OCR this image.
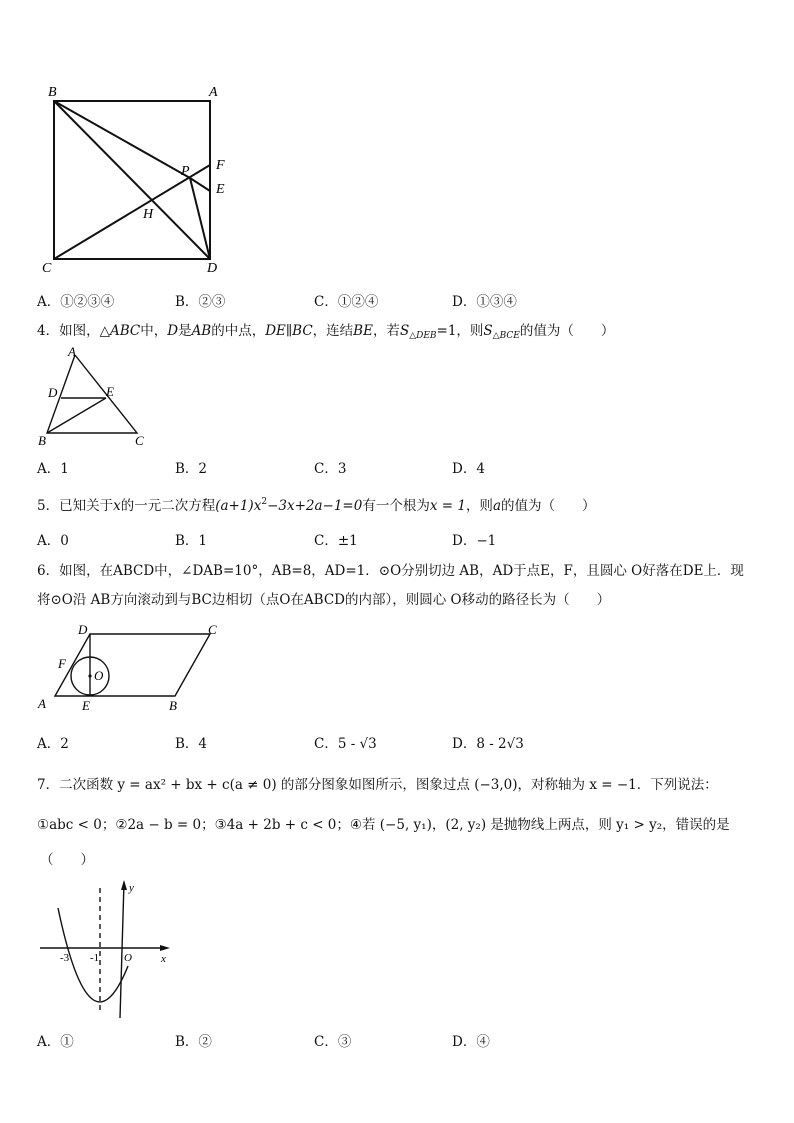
B	A
P F
E
H
C	D
A．①②③④	B．②③	C．①②④	D．①③④
4．如图，△ABC中，D是AB的中点，DE∥BC，连结BE，若$S_{\triangle DEB}=1$，则$S_{\triangle BCE}$的值为（　　）
A
D	E
B	C
A．1	B．2	C．3	D．4
5．已知关于x的一元二次方程$(a+1)x^2-3x+2a-1=0$有一个根为x = 1，则a的值为（　　）
A．0	B．1	C．±1	D．−1
6．如图，在ABCD中，∠DAB=10°，AB=8，AD=1．⊙O分别切边 AB，AD于点E，F，且圆心 O好落在DE上．现
将⊙O沿 AB方向滚动到与BC边相切（点O在ABCD的内部），则圆心 O移动的路径长为（　　）
D	C
F
O
A	E	B
A．2	B．4	C．5 - √3	D．8 - 2√3
7．二次函数 y = ax² + bx + c(a ≠ 0) 的部分图象如图所示，图象过点 (−3,0)，对称轴为 x = −1．下列说法：
①abc < 0；②2a − b = 0；③4a + 2b + c < 0；④若 (−5, y₁)，(2, y₂) 是抛物线上两点，则 y₁ > y₂，错误的是
（　　）
y
x
-3 -1 O
A．①	B．②	C．③	D．④
